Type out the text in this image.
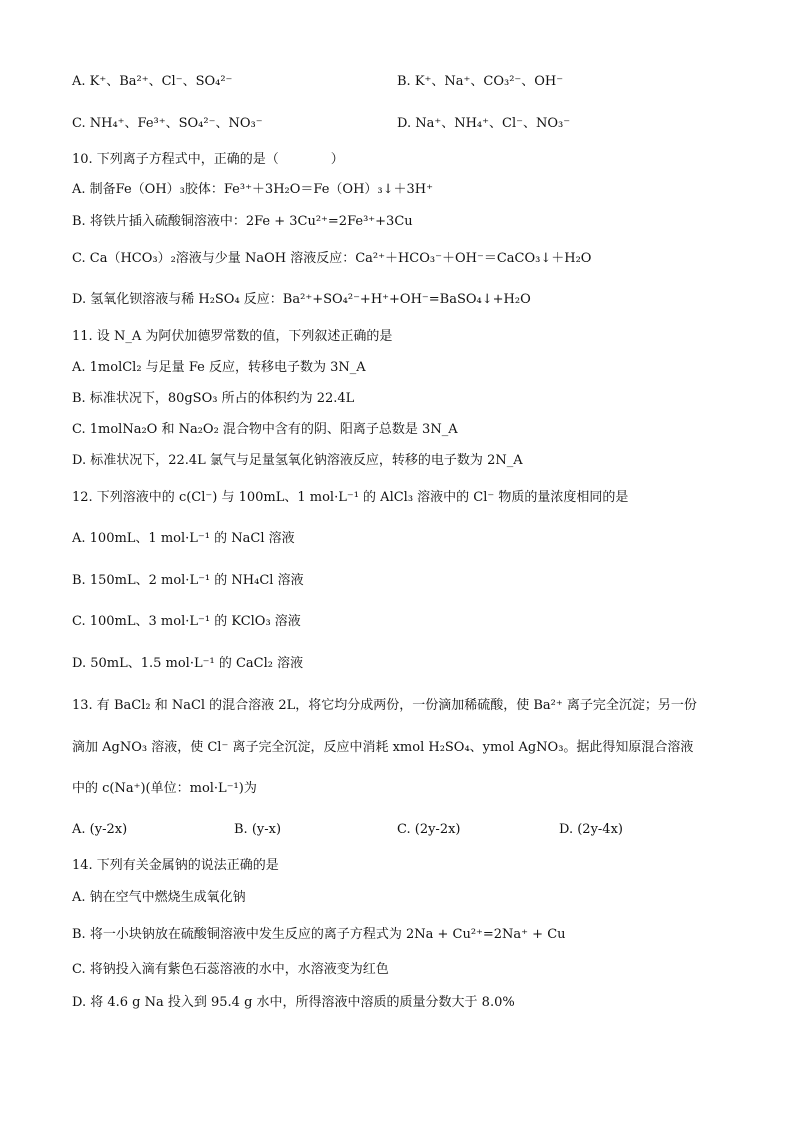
A. K⁺、Ba²⁺、Cl⁻、SO₄²⁻	B. K⁺、Na⁺、CO₃²⁻、OH⁻
C. NH₄⁺、Fe³⁺、SO₄²⁻、NO₃⁻	D. Na⁺、NH₄⁺、Cl⁻、NO₃⁻
10. 下列离子方程式中，正确的是（　　　　）
A. 制备Fe（OH）₃胶体：Fe³⁺＋3H₂O＝Fe（OH）₃↓＋3H⁺
B. 将铁片插入硫酸铜溶液中：2Fe + 3Cu²⁺=2Fe³⁺+3Cu
C. Ca（HCO₃）₂溶液与少量 NaOH 溶液反应：Ca²⁺＋HCO₃⁻＋OH⁻＝CaCO₃↓＋H₂O
D. 氢氧化钡溶液与稀 H₂SO₄ 反应：Ba²⁺+SO₄²⁻+H⁺+OH⁻=BaSO₄↓+H₂O
11. 设 N_A 为阿伏加德罗常数的值，下列叙述正确的是
A. 1molCl₂ 与足量 Fe 反应，转移电子数为 3N_A
B. 标准状况下，80gSO₃ 所占的体积约为 22.4L
C. 1molNa₂O 和 Na₂O₂ 混合物中含有的阴、阳离子总数是 3N_A
D. 标准状况下，22.4L 氯气与足量氢氧化钠溶液反应，转移的电子数为 2N_A
12. 下列溶液中的 c(Cl⁻) 与 100mL、1 mol·L⁻¹ 的 AlCl₃ 溶液中的 Cl⁻ 物质的量浓度相同的是
A. 100mL、1 mol·L⁻¹ 的 NaCl 溶液
B. 150mL、2 mol·L⁻¹ 的 NH₄Cl 溶液
C. 100mL、3 mol·L⁻¹ 的 KClO₃ 溶液
D. 50mL、1.5 mol·L⁻¹ 的 CaCl₂ 溶液
13. 有 BaCl₂ 和 NaCl 的混合溶液 2L，将它均分成两份，一份滴加稀硫酸，使 Ba²⁺ 离子完全沉淀；另一份
滴加 AgNO₃ 溶液，使 Cl⁻ 离子完全沉淀，反应中消耗 xmol H₂SO₄、ymol AgNO₃。据此得知原混合溶液
中的 c(Na⁺)(单位：mol·L⁻¹)为
A. (y-2x)	B. (y-x)	C. (2y-2x)	D. (2y-4x)
14. 下列有关金属钠的说法正确的是
A. 钠在空气中燃烧生成氧化钠
B. 将一小块钠放在硫酸铜溶液中发生反应的离子方程式为 2Na + Cu²⁺=2Na⁺ + Cu
C. 将钠投入滴有紫色石蕊溶液的水中，水溶液变为红色
D. 将 4.6 g Na 投入到 95.4 g 水中，所得溶液中溶质的质量分数大于 8.0%
